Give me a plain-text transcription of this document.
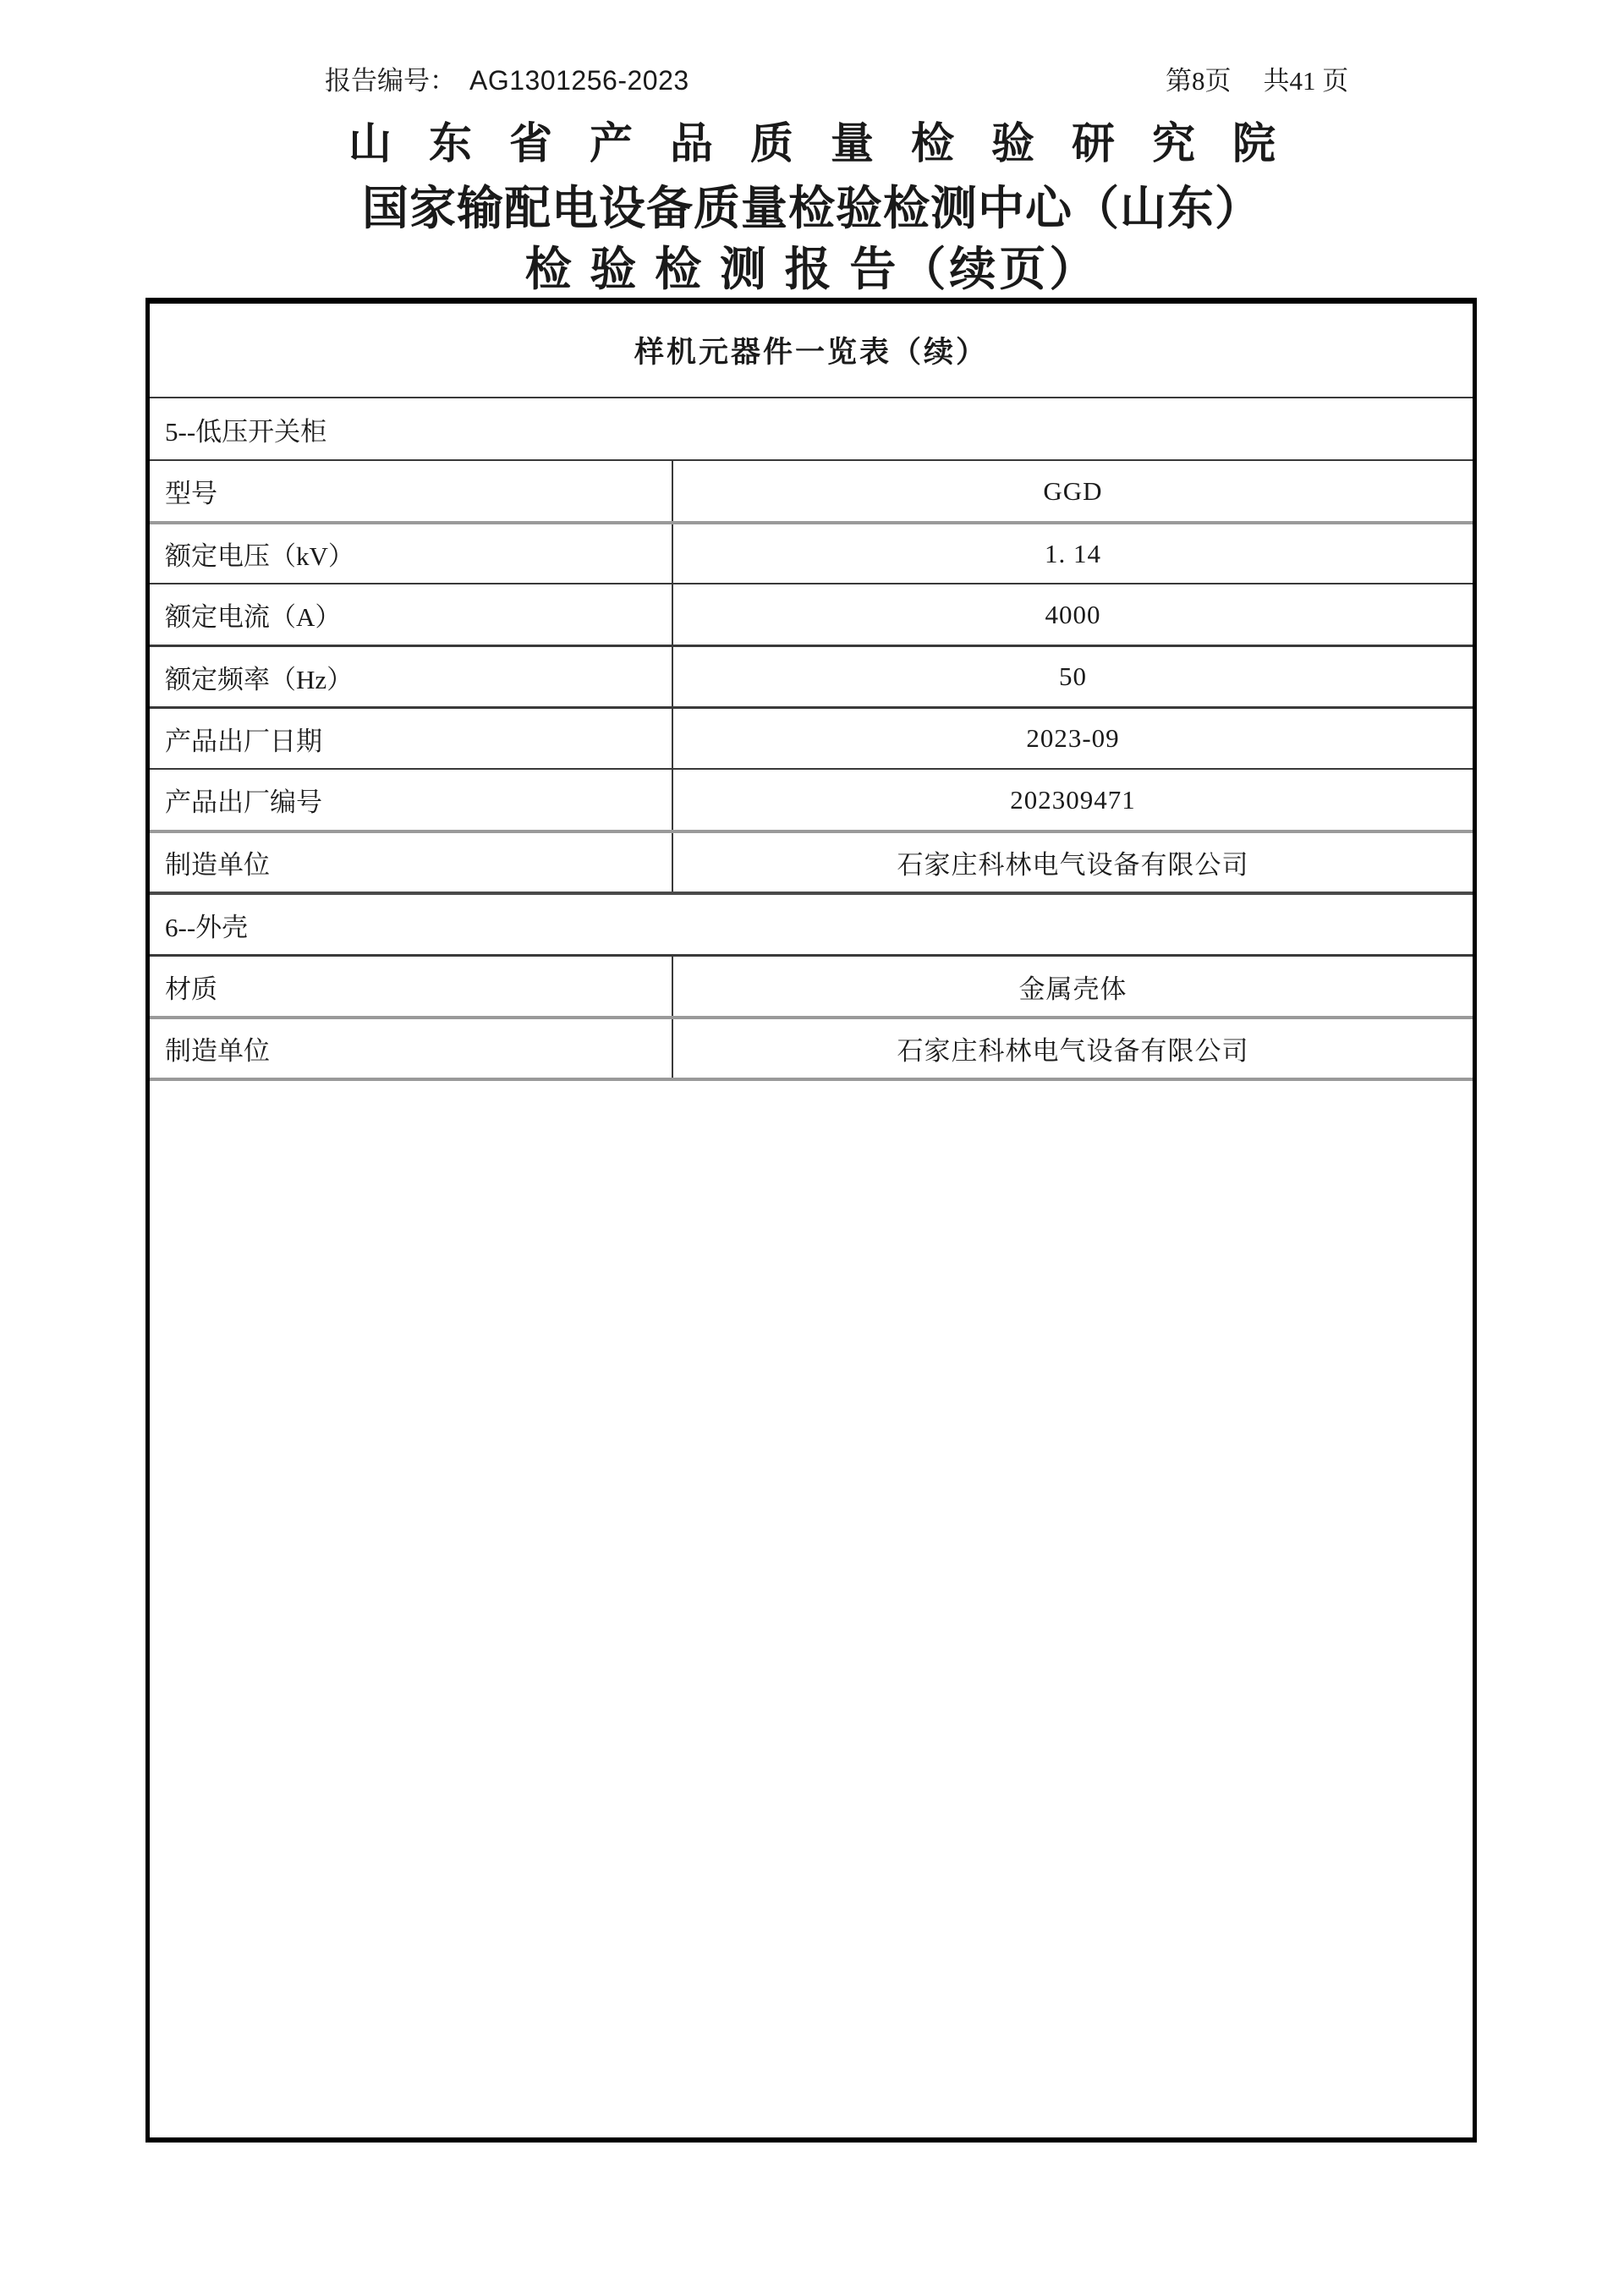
报告编号： AG1301256-2023	第8页 共41 页
山东省产品质量检验研究院
国家输配电设备质量检验检测中心（山东）
检 验 检 测 报 告（续页）
样机元器件一览表（续）
5--低压开关柜
型号	GGD
额定电压（kV）	1. 14
额定电流（A）	4000
额定频率（Hz）	50
产品出厂日期	2023-09
产品出厂编号	202309471
制造单位	石家庄科林电气设备有限公司
6--外壳
材质	金属壳体
制造单位	石家庄科林电气设备有限公司
